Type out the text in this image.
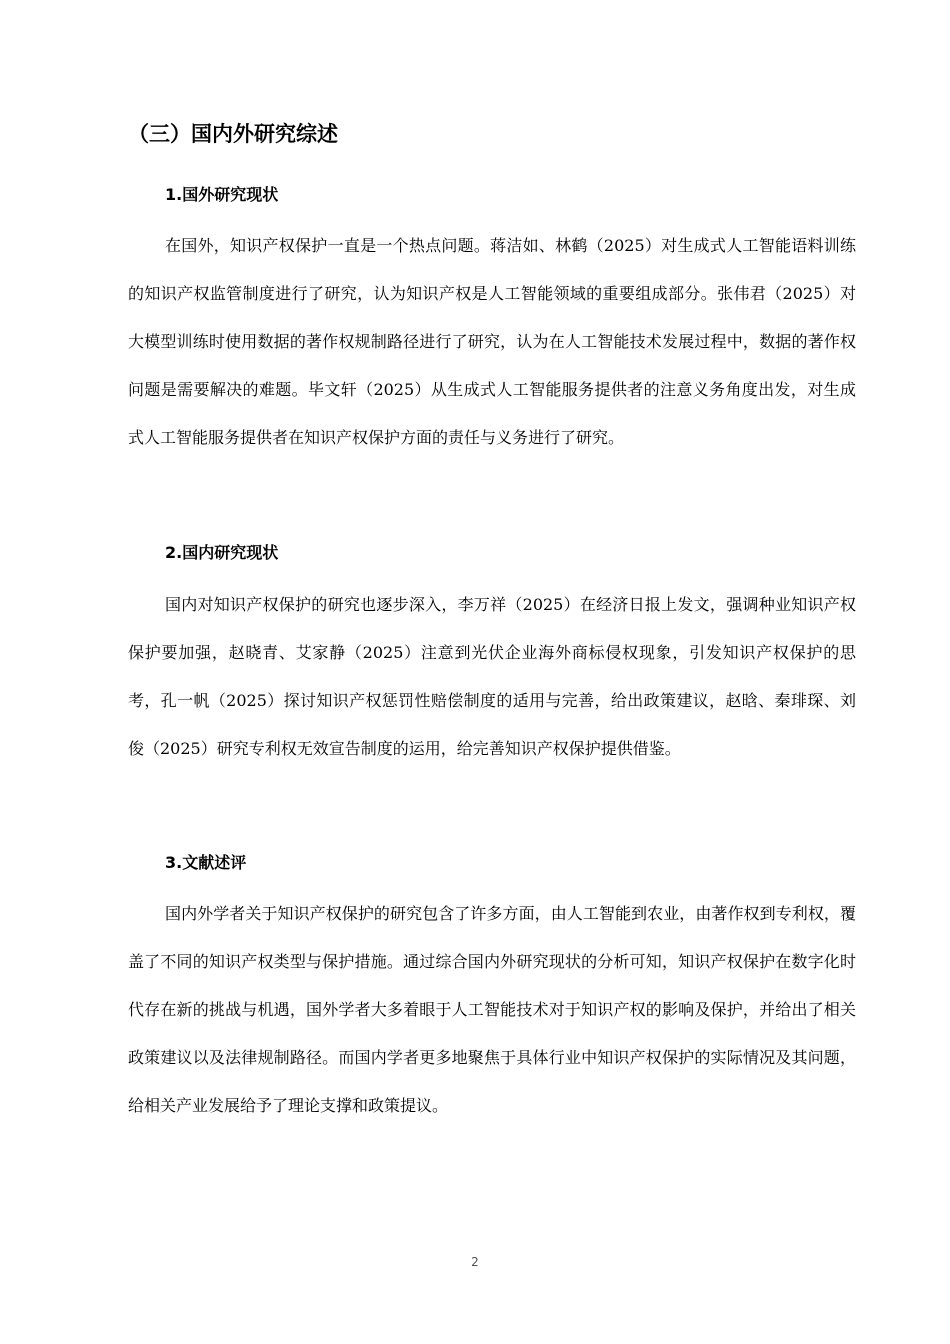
（三）国内外研究综述
1.国外研究现状

在国外，知识产权保护一直是一个热点问题。蒋洁如、林鹤（2025）对生成式人工智能语料训练的知识产权监管制度进行了研究，认为知识产权是人工智能领域的重要组成部分。张伟君（2025）对大模型训练时使用数据的著作权规制路径进行了研究，认为在人工智能技术发展过程中，数据的著作权问题是需要解决的难题。毕文轩（2025）从生成式人工智能服务提供者的注意义务角度出发，对生成式人工智能服务提供者在知识产权保护方面的责任与义务进行了研究。

2.国内研究现状

国内对知识产权保护的研究也逐步深入，李万祥（2025）在经济日报上发文，强调种业知识产权保护要加强，赵晓青、艾家静（2025）注意到光伏企业海外商标侵权现象，引发知识产权保护的思考，孔一帆（2025）探讨知识产权惩罚性赔偿制度的适用与完善，给出政策建议，赵晗、秦琲琛、刘俊（2025）研究专利权无效宣告制度的运用，给完善知识产权保护提供借鉴。

3.文献述评

国内外学者关于知识产权保护的研究包含了许多方面，由人工智能到农业，由著作权到专利权，覆盖了不同的知识产权类型与保护措施。通过综合国内外研究现状的分析可知，知识产权保护在数字化时代存在新的挑战与机遇，国外学者大多着眼于人工智能技术对于知识产权的影响及保护，并给出了相关政策建议以及法律规制路径。而国内学者更多地聚焦于具体行业中知识产权保护的实际情况及其问题，给相关产业发展给予了理论支撑和政策提议。

2
